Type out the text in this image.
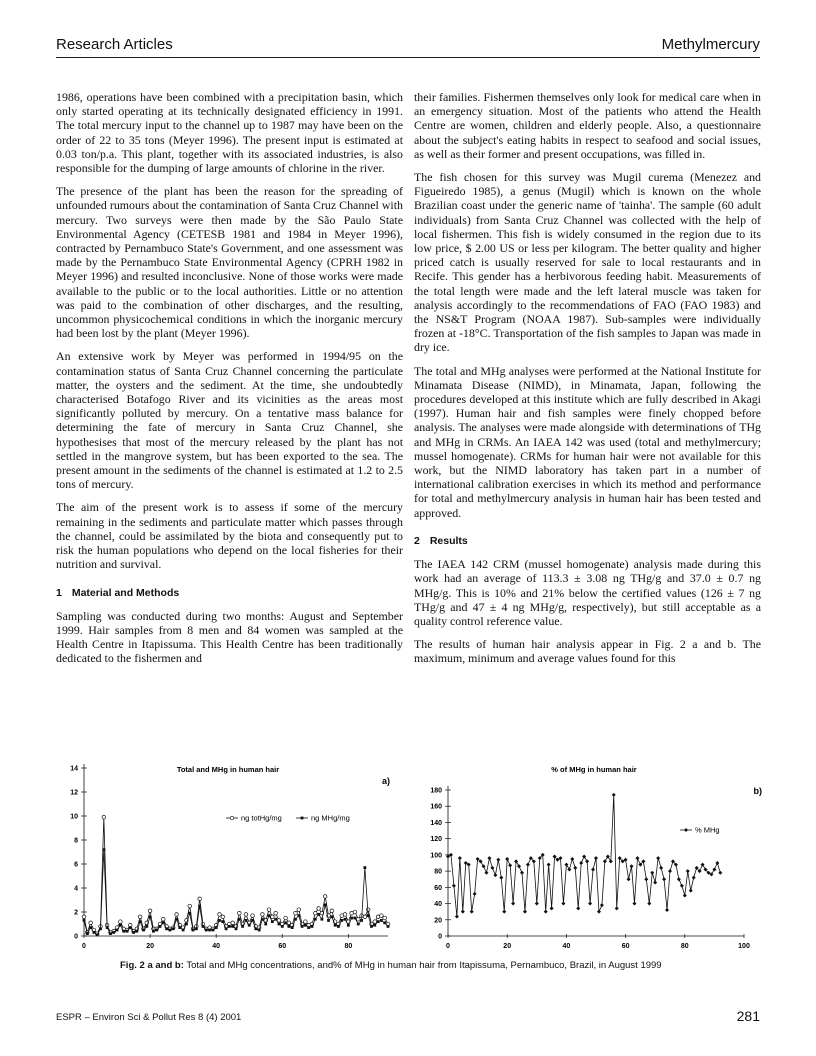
Research Articles	Methylmercury

1986, operations have been combined with a precipitation basin, which only started operating at its technically designated efficiency in 1991. The total mercury input to the channel up to 1987 may have been on the order of 22 to 35 tons (Meyer 1996). The present input is estimated at 0.03 ton/p.a. This plant, together with its associated industries, is also responsible for the dumping of large amounts of chlorine in the river.

The presence of the plant has been the reason for the spreading of unfounded rumours about the contamination of Santa Cruz Channel with mercury. Two surveys were then made by the São Paulo State Environmental Agency (CETESB 1981 and 1984 in Meyer 1996), contracted by Pernambuco State's Government, and one assessment was made by the Pernambuco State Environmental Agency (CPRH 1982 in Meyer 1996) and resulted inconclusive. None of those works were made available to the public or to the local authorities. Little or no attention was paid to the combination of other discharges, and the resulting, uncommon physicochemical conditions in which the inorganic mercury had been lost by the plant (Meyer 1996).

An extensive work by Meyer was performed in 1994/95 on the contamination status of Santa Cruz Channel concerning the particulate matter, the oysters and the sediment. At the time, she undoubtedly characterised Botafogo River and its vicinities as the areas most significantly polluted by mercury. On a tentative mass balance for determining the fate of mercury in Santa Cruz Channel, she hypothesises that most of the mercury released by the plant has not settled in the mangrove system, but has been exported to the sea. The present amount in the sediments of the channel is estimated at 1.2 to 2.5 tons of mercury.

The aim of the present work is to assess if some of the mercury remaining in the sediments and particulate matter which passes through the channel, could be assimilated by the biota and consequently put to risk the human populations who depend on the local fisheries for their nutrition and survival.

1 Material and Methods

Sampling was conducted during two months: August and September 1999. Hair samples from 8 men and 84 women was sampled at the Health Centre in Itapissuma. This Health Centre has been traditionally dedicated to the fishermen and

their families. Fishermen themselves only look for medical care when in an emergency situation. Most of the patients who attend the Health Centre are women, children and elderly people. Also, a questionnaire about the subject's eating habits in respect to seafood and social issues, as well as their former and present occupations, was filled in.

The fish chosen for this survey was Mugil curema (Menezez and Figueiredo 1985), a genus (Mugil) which is known on the whole Brazilian coast under the generic name of 'tainha'. The sample (60 adult individuals) from Santa Cruz Channel was collected with the help of local fishermen. This fish is widely consumed in the region due to its low price, $ 2.00 US or less per kilogram. The better quality and higher priced catch is usually reserved for sale to local restaurants and in Recife. This gender has a herbivorous feeding habit. Measurements of the total length were made and the left lateral muscle was taken for analysis accordingly to the recommendations of FAO (FAO 1983) and the NS&T Program (NOAA 1987). Sub-samples were individually frozen at -18°C. Transportation of the fish samples to Japan was made in dry ice.

The total and MHg analyses were performed at the National Institute for Minamata Disease (NIMD), in Minamata, Japan, following the procedures developed at this institute which are fully described in Akagi (1997). Human hair and fish samples were finely chopped before analysis. The analyses were made alongside with determinations of THg and MHg in CRMs. An IAEA 142 was used (total and methylmercury; mussel homogenate). CRMs for human hair were not available for this work, but the NIMD laboratory has taken part in a number of international calibration exercises in which its method and performance for total and methylmercury analysis in human hair has been tested and approved.

2 Results

The IAEA 142 CRM (mussel homogenate) analysis made during this work had an average of 113.3 ± 3.08 ng THg/g and 37.0 ± 0.7 ng MHg/g. This is 10% and 21% below the certified values (126 ± 7 ng THg/g and 47 ± 4 ng MHg/g, respectively), but still acceptable as a quality control reference value.

The results of human hair analysis appear in Fig. 2 a and b. The maximum, minimum and average values found for this

Total and MHg in human hair
a)
0
2
4
6
8
10
12
14
0	20	40	60	80
ng totHg/mg	ng MHg/mg
% of MHg in human hair
b)
0
20
40
60
80
100
120
140
160
180
0	20	40	60	80	100
% MHg
Fig. 2 a and b: Total and MHg concentrations, and% of MHg in human hair from Itapissuma, Pernambuco, Brazil, in August 1999
ESPR – Environ Sci & Pollut Res 8 (4) 2001	281
